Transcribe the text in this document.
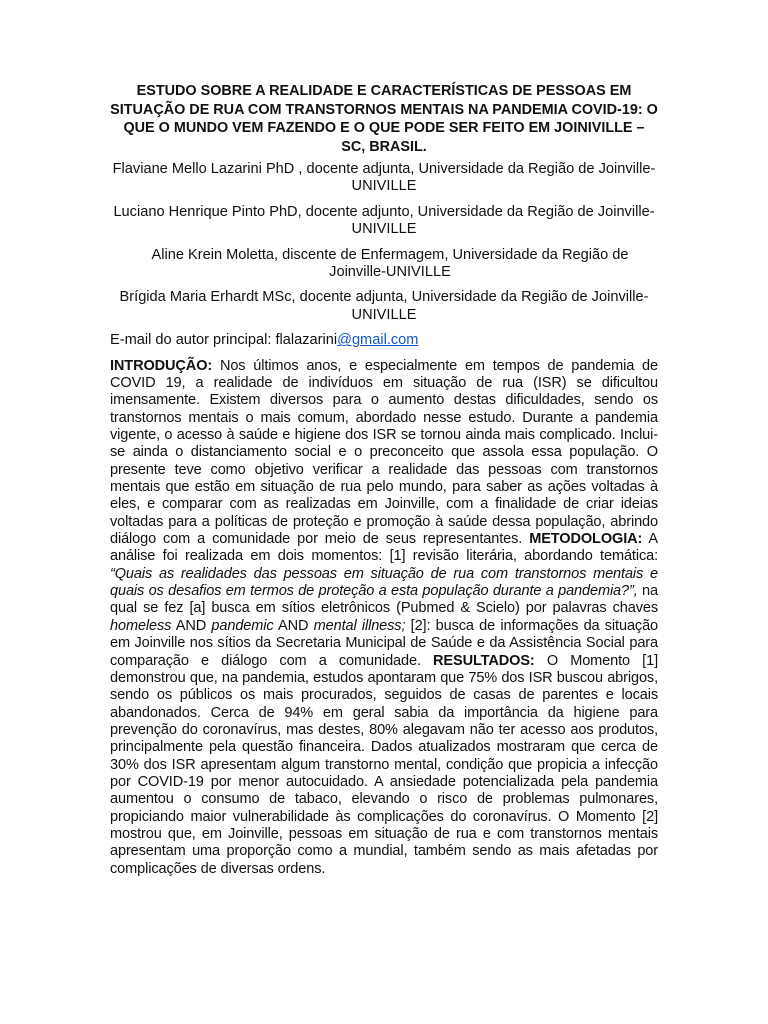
ESTUDO SOBRE A REALIDADE E CARACTERÍSTICAS DE PESSOAS EM SITUAÇÃO DE RUA COM TRANSTORNOS MENTAIS NA PANDEMIA COVID-19: O QUE O MUNDO VEM FAZENDO E O QUE PODE SER FEITO EM JOINIVILLE – SC, BRASIL.

Flaviane Mello Lazarini PhD , docente adjunta, Universidade da Região de Joinville-UNIVILLE

Luciano Henrique Pinto PhD, docente adjunto, Universidade da Região de Joinville-UNIVILLE

Aline Krein Moletta, discente de Enfermagem, Universidade da Região de Joinville-UNIVILLE

Brígida Maria Erhardt MSc, docente adjunta, Universidade da Região de Joinville-UNIVILLE

E-mail do autor principal: flalazarini@gmail.com

INTRODUÇÃO: Nos últimos anos, e especialmente em tempos de pandemia de COVID 19, a realidade de indivíduos em situação de rua (ISR) se dificultou imensamente. Existem diversos para o aumento destas dificuldades, sendo os transtornos mentais o mais comum, abordado nesse estudo. Durante a pandemia vigente, o acesso à saúde e higiene dos ISR se tornou ainda mais complicado. Inclui-se ainda o distanciamento social e o preconceito que assola essa população. O presente teve como objetivo verificar a realidade das pessoas com transtornos mentais que estão em situação de rua pelo mundo, para saber as ações voltadas à eles, e comparar com as realizadas em Joinville, com a finalidade de criar ideias voltadas para a políticas de proteção e promoção à saúde dessa população, abrindo diálogo com a comunidade por meio de seus representantes. METODOLOGIA: A análise foi realizada em dois momentos: [1] revisão literária, abordando temática: “Quais as realidades das pessoas em situação de rua com transtornos mentais e quais os desafios em termos de proteção a esta população durante a pandemia?”, na qual se fez [a] busca em sítios eletrônicos (Pubmed & Scielo) por palavras chaves homeless AND pandemic AND mental illness; [2]: busca de informações da situação em Joinville nos sítios da Secretaria Municipal de Saúde e da Assistência Social para comparação e diálogo com a comunidade. RESULTADOS: O Momento [1] demonstrou que, na pandemia, estudos apontaram que 75% dos ISR buscou abrigos, sendo os públicos os mais procurados, seguidos de casas de parentes e locais abandonados. Cerca de 94% em geral sabia da importância da higiene para prevenção do coronavírus, mas destes, 80% alegavam não ter acesso aos produtos, principalmente pela questão financeira. Dados atualizados mostraram que cerca de 30% dos ISR apresentam algum transtorno mental, condição que propicia a infecção por COVID-19 por menor autocuidado. A ansiedade potencializada pela pandemia aumentou o consumo de tabaco, elevando o risco de problemas pulmonares, propiciando maior vulnerabilidade às complicações do coronavírus. O Momento [2] mostrou que, em Joinville, pessoas em situação de rua e com transtornos mentais apresentam uma proporção como a mundial, também sendo as mais afetadas por complicações de diversas ordens.
